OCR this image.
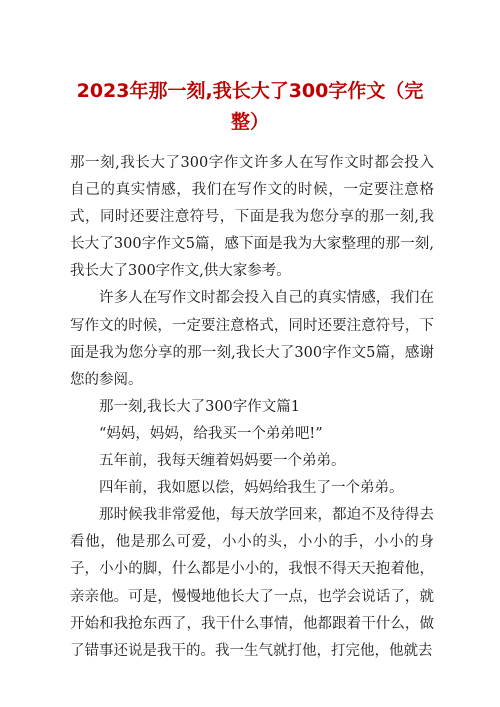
2023年那一刻,我长大了300字作文（完整）

那一刻,我长大了300字作文许多人在写作文时都会投入自己的真实情感，我们在写作文的时候，一定要注意格式，同时还要注意符号，下面是我为您分享的那一刻,我长大了300字作文5篇，感下面是我为大家整理的那一刻,我长大了300字作文,供大家参考。

许多人在写作文时都会投入自己的真实情感，我们在写作文的时候，一定要注意格式，同时还要注意符号，下面是我为您分享的那一刻,我长大了300字作文5篇，感谢您的参阅。

那一刻,我长大了300字作文篇1

“妈妈，妈妈，给我买一个弟弟吧!”

五年前，我每天缠着妈妈要一个弟弟。

四年前，我如愿以偿，妈妈给我生了一个弟弟。

那时候我非常爱他，每天放学回来，都迫不及待得去看他，他是那么可爱，小小的头，小小的手，小小的身子，小小的脚，什么都是小小的，我恨不得天天抱着他，亲亲他。可是，慢慢地他长大了一点，也学会说话了，就开始和我抢东西了，我干什么事情，他都跟着干什么，做了错事还说是我干的。我一生气就打他，打完他，他就去
